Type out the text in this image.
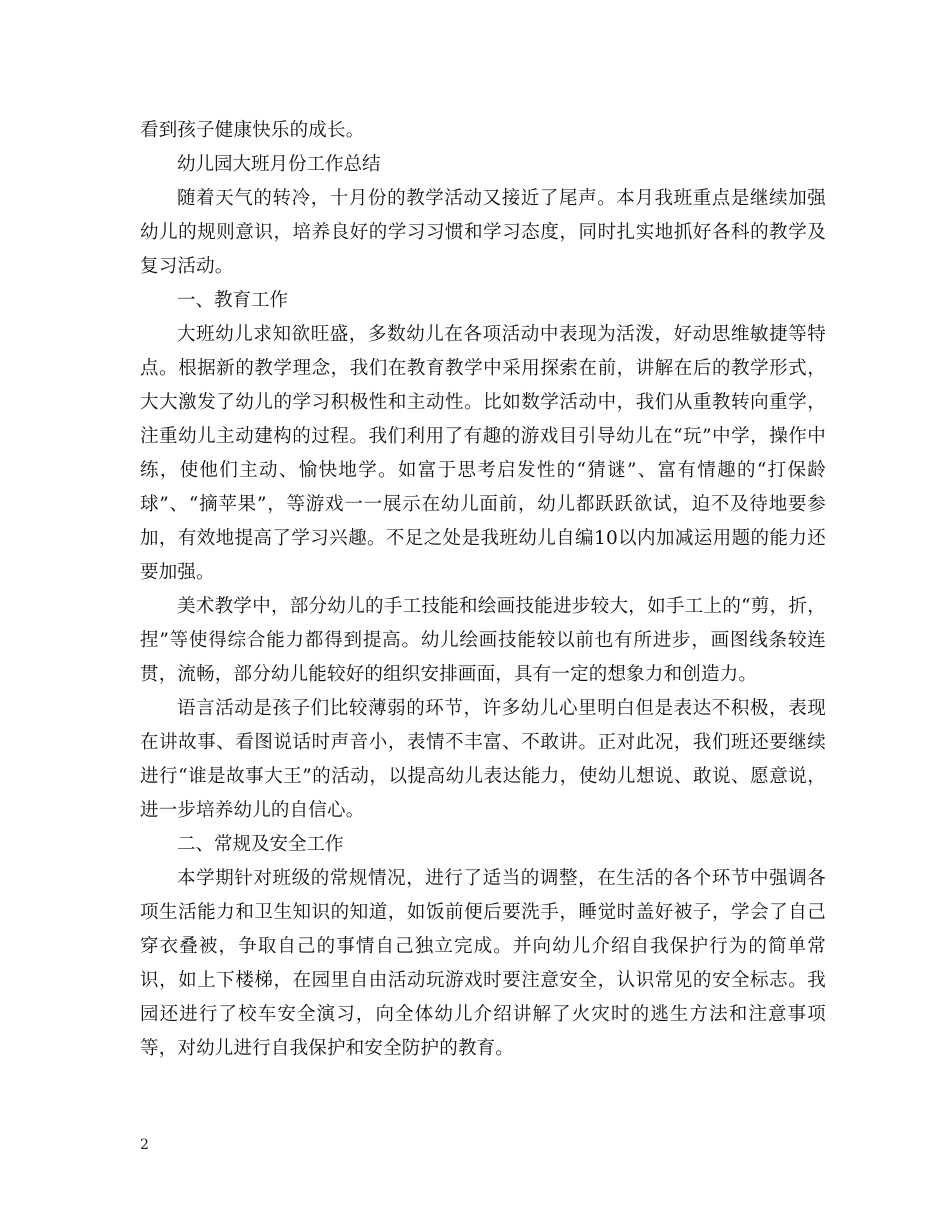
看到孩子健康快乐的成长。

幼儿园大班月份工作总结

随着天气的转冷，十月份的教学活动又接近了尾声。本月我班重点是继续加强幼儿的规则意识，培养良好的学习习惯和学习态度，同时扎实地抓好各科的教学及复习活动。

一、教育工作

大班幼儿求知欲旺盛，多数幼儿在各项活动中表现为活泼，好动思维敏捷等特点。根据新的教学理念，我们在教育教学中采用探索在前，讲解在后的教学形式，大大激发了幼儿的学习积极性和主动性。比如数学活动中，我们从重教转向重学，注重幼儿主动建构的过程。我们利用了有趣的游戏目引导幼儿在“玩”中学，操作中练，使他们主动、愉快地学。如富于思考启发性的“猜谜”、富有情趣的“打保龄球”、“摘苹果”，等游戏一一展示在幼儿面前，幼儿都跃跃欲试，迫不及待地要参加，有效地提高了学习兴趣。不足之处是我班幼儿自编10以内加减运用题的能力还要加强。

美术教学中，部分幼儿的手工技能和绘画技能进步较大，如手工上的“剪，折，捏”等使得综合能力都得到提高。幼儿绘画技能较以前也有所进步，画图线条较连贯，流畅，部分幼儿能较好的组织安排画面，具有一定的想象力和创造力。

语言活动是孩子们比较薄弱的环节，许多幼儿心里明白但是表达不积极，表现在讲故事、看图说话时声音小，表情不丰富、不敢讲。正对此况，我们班还要继续进行“谁是故事大王”的活动，以提高幼儿表达能力，使幼儿想说、敢说、愿意说，进一步培养幼儿的自信心。

二、常规及安全工作

本学期针对班级的常规情况，进行了适当的调整，在生活的各个环节中强调各项生活能力和卫生知识的知道，如饭前便后要洗手，睡觉时盖好被子，学会了自己穿衣叠被，争取自己的事情自己独立完成。并向幼儿介绍自我保护行为的简单常识，如上下楼梯，在园里自由活动玩游戏时要注意安全，认识常见的安全标志。我园还进行了校车安全演习，向全体幼儿介绍讲解了火灾时的逃生方法和注意事项等，对幼儿进行自我保护和安全防护的教育。

2
